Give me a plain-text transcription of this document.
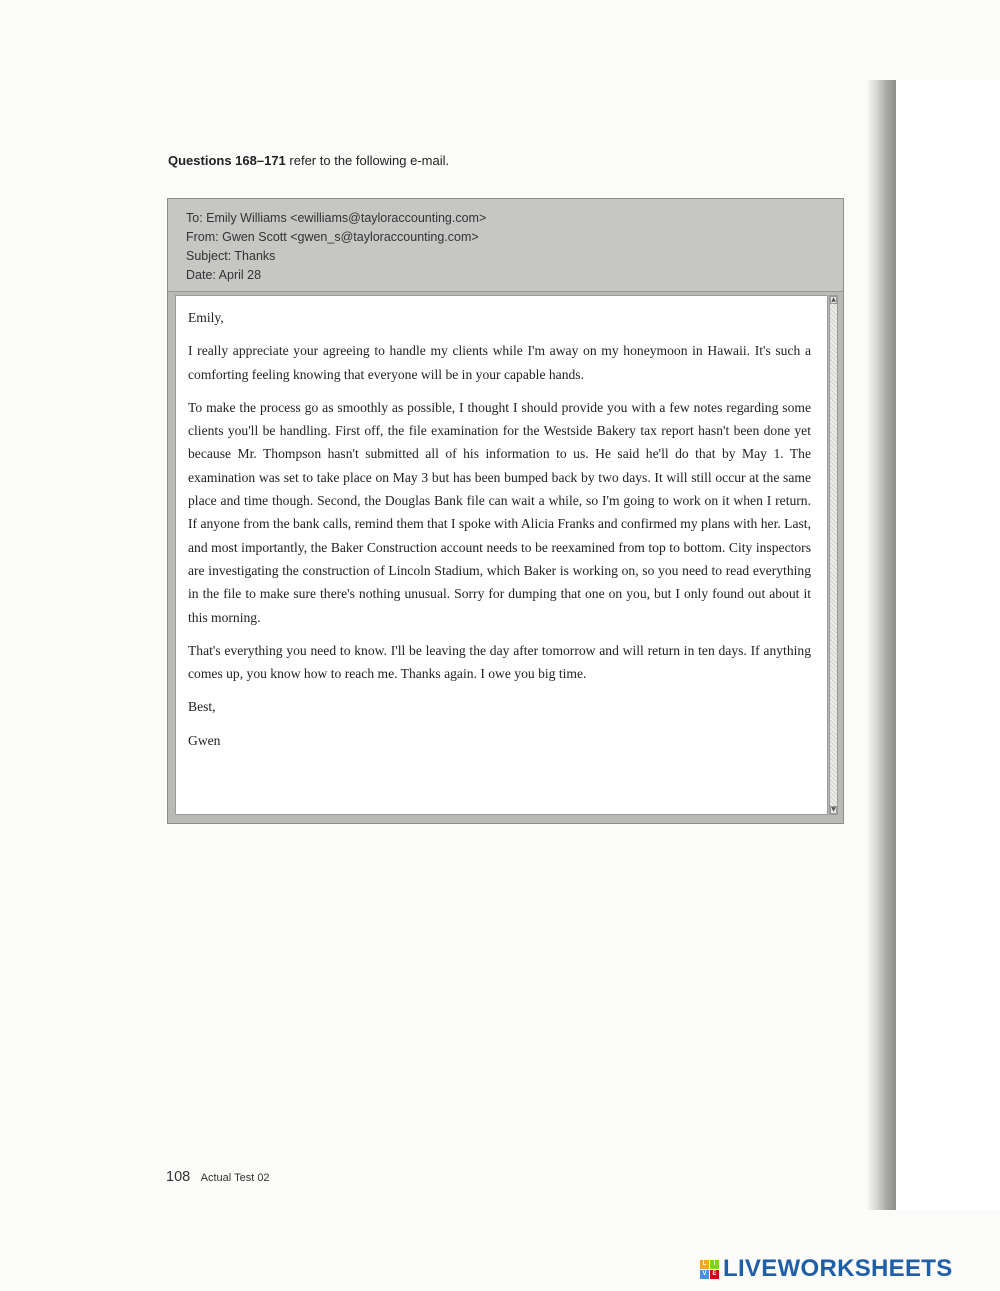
Questions 168–171 refer to the following e-mail.
To: Emily Williams <ewilliams@tayloraccounting.com>
From: Gwen Scott <gwen_s@tayloraccounting.com>
Subject: Thanks
Date: April 28

Emily,

I really appreciate your agreeing to handle my clients while I'm away on my honeymoon in Hawaii. It's such a comforting feeling knowing that everyone will be in your capable hands.

To make the process go as smoothly as possible, I thought I should provide you with a few notes regarding some clients you'll be handling. First off, the file examination for the Westside Bakery tax report hasn't been done yet because Mr. Thompson hasn't submitted all of his information to us. He said he'll do that by May 1. The examination was set to take place on May 3 but has been bumped back by two days. It will still occur at the same place and time though. Second, the Douglas Bank file can wait a while, so I'm going to work on it when I return. If anyone from the bank calls, remind them that I spoke with Alicia Franks and confirmed my plans with her. Last, and most importantly, the Baker Construction account needs to be reexamined from top to bottom. City inspectors are investigating the construction of Lincoln Stadium, which Baker is working on, so you need to read everything in the file to make sure there's nothing unusual. Sorry for dumping that one on you, but I only found out about it this morning.

That's everything you need to know. I'll be leaving the day after tomorrow and will return in ten days. If anything comes up, you know how to reach me. Thanks again. I owe you big time.

Best,

Gwen

▲
▼
108 Actual Test 02
L	I
V E LIVEWORKSHEETS
